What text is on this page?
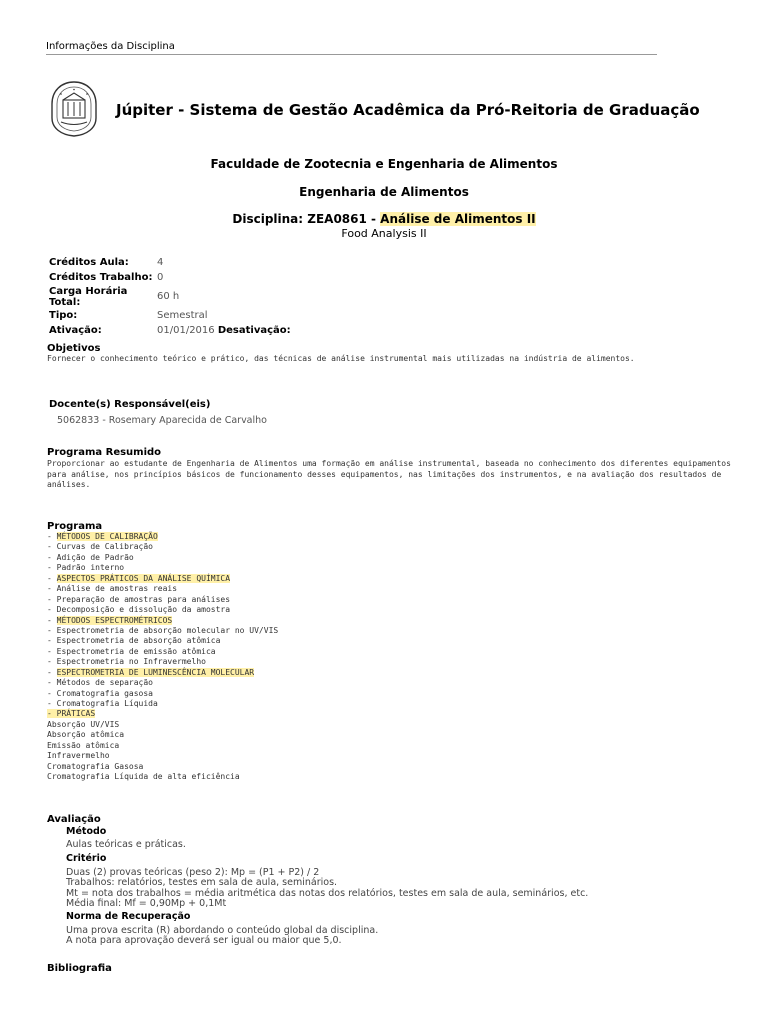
Informações da Disciplina
Júpiter - Sistema de Gestão Acadêmica da Pró-Reitoria de Graduação
Faculdade de Zootecnia e Engenharia de Alimentos
Engenharia de Alimentos
Disciplina: ZEA0861 - Análise de Alimentos II
Food Analysis II
Créditos Aula:	4
Créditos Trabalho:	0
Carga Horária Total:	60 h
Tipo:	Semestral
Ativação:	01/01/2016 Desativação:
Objetivos
Fornecer o conhecimento teórico e prático, das técnicas de análise instrumental mais utilizadas na indústria de alimentos.
Docente(s) Responsável(eis)
5062833 - Rosemary Aparecida de Carvalho
Programa Resumido
Proporcionar ao estudante de Engenharia de Alimentos uma formação em análise instrumental, baseada no conhecimento dos diferentes equipamentos para análise, nos princípios básicos de funcionamento desses equipamentos, nas limitações dos instrumentos, e na avaliação dos resultados de análises.
Programa
- MÉTODOS DE CALIBRAÇÃO
- Curvas de Calibração
- Adição de Padrão
- Padrão interno
- ASPECTOS PRÁTICOS DA ANÁLISE QUÍMICA
- Análise de amostras reais
- Preparação de amostras para análises
- Decomposição e dissolução da amostra
- MÉTODOS ESPECTROMÉTRICOS
- Espectrometria de absorção molecular no UV/VIS
- Espectrometria de absorção atômica
- Espectrometria de emissão atômica
- Espectrometria no Infravermelho
- ESPECTROMETRIA DE LUMINESCÊNCIA MOLECULAR
- Métodos de separação
- Cromatografia gasosa
- Cromatografia Líquida
- PRÁTICAS
Absorção UV/VIS
Absorção atômica
Emissão atômica
Infravermelho
Cromatografia Gasosa
Cromatografia Líquida de alta eficiência
Avaliação
Método
Aulas teóricas e práticas.
Critério
Duas (2) provas teóricas (peso 2): Mp = (P1 + P2) / 2
Trabalhos: relatórios, testes em sala de aula, seminários.
Mt = nota dos trabalhos = média aritmética das notas dos relatórios, testes em sala de aula, seminários, etc.
Média final: Mf = 0,90Mp + 0,1Mt
Norma de Recuperação
Uma prova escrita (R) abordando o conteúdo global da disciplina.
A nota para aprovação deverá ser igual ou maior que 5,0.
Bibliografia
